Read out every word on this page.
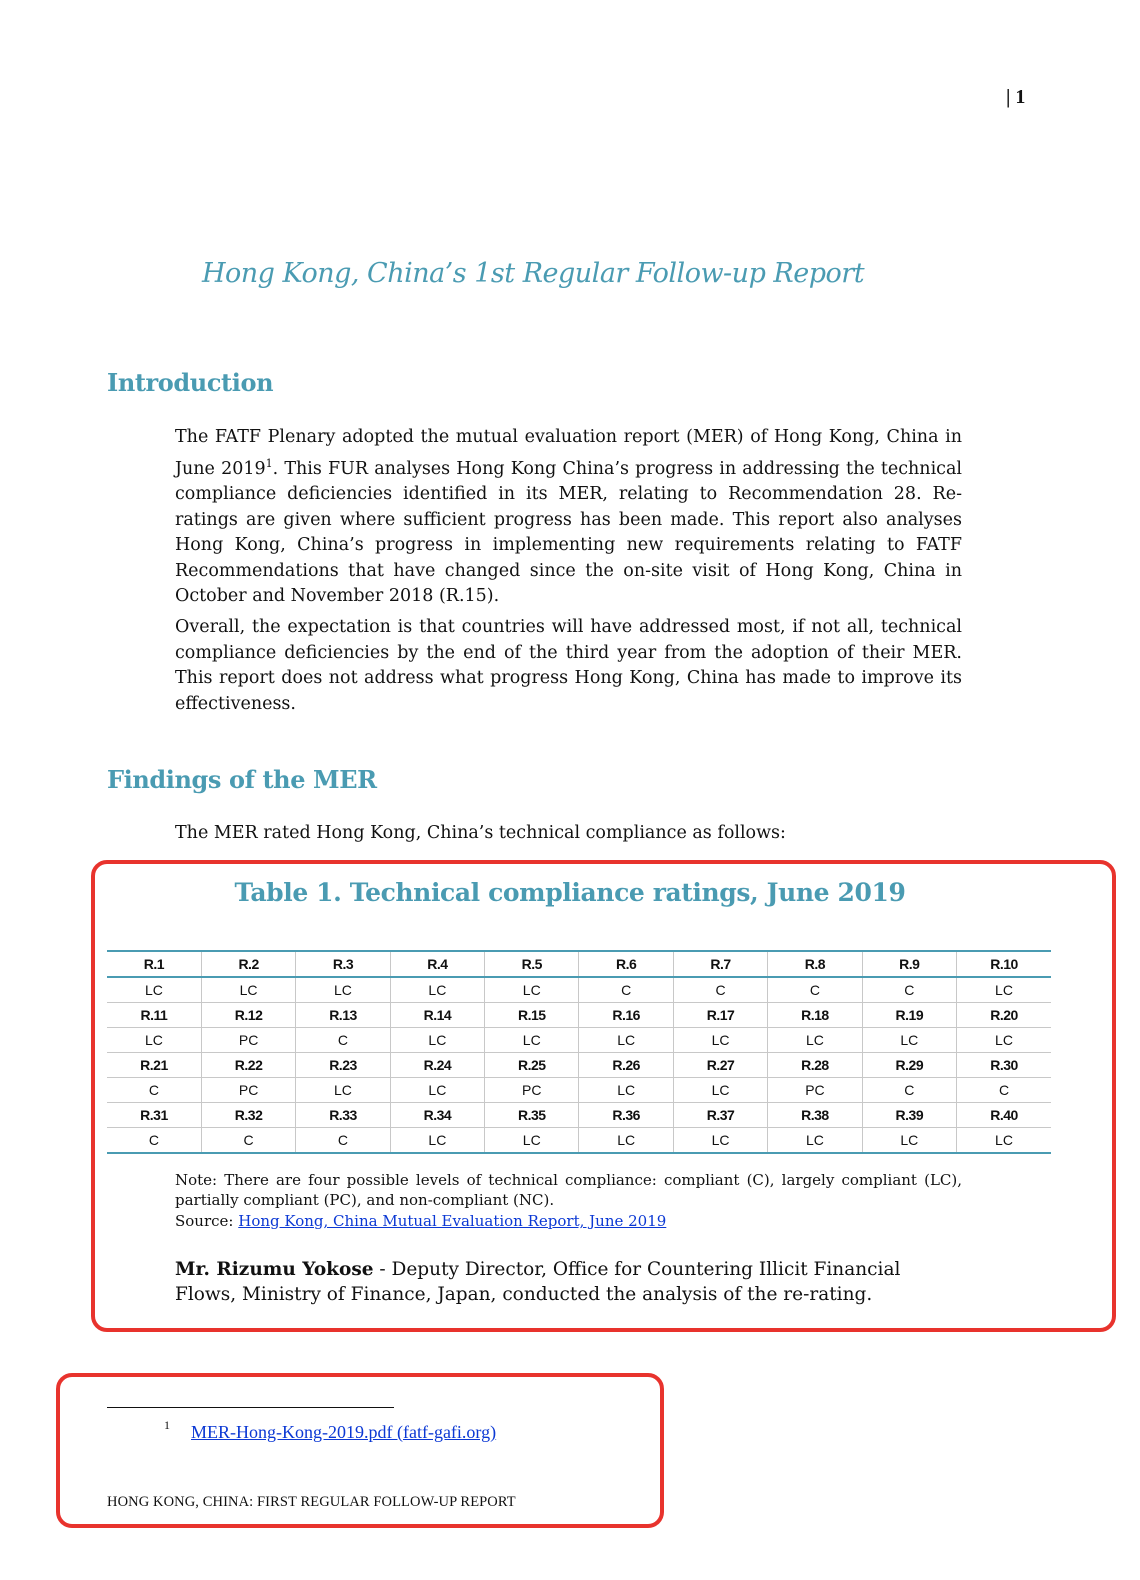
| 1
Hong Kong, China’s 1st Regular Follow-up Report
Introduction

The FATF Plenary adopted the mutual evaluation report (MER) of Hong Kong, China in June 2019$^1$. This FUR analyses Hong Kong China’s progress in addressing the technical compliance deficiencies identified in its MER, relating to Recommendation 28. Re-ratings are given where sufficient progress has been made. This report also analyses Hong Kong, China’s progress in implementing new requirements relating to FATF Recommendations that have changed since the on-site visit of Hong Kong, China in October and November 2018 (R.15).

Overall, the expectation is that countries will have addressed most, if not all, technical compliance deficiencies by the end of the third year from the adoption of their MER. This report does not address what progress Hong Kong, China has made to improve its effectiveness.

Findings of the MER

The MER rated Hong Kong, China’s technical compliance as follows:

Table 1. Technical compliance ratings, June 2019
R.1	R.2	R.3	R.4	R.5	R.6	R.7	R.8	R.9	R.10
LC	LC	LC	LC	LC	C	C	C	C	LC
R.11	R.12	R.13	R.14	R.15	R.16	R.17	R.18	R.19	R.20
LC	PC	C	LC	LC	LC	LC	LC	LC	LC
R.21	R.22	R.23	R.24	R.25	R.26	R.27	R.28	R.29	R.30
C	PC	LC	LC	PC	LC	LC	PC	C	C
R.31	R.32	R.33	R.34	R.35	R.36	R.37	R.38	R.39	R.40
C	C	C	LC	LC	LC	LC	LC	LC	LC
Note: There are four possible levels of technical compliance: compliant (C), largely compliant (LC), partially compliant (PC), and non-compliant (NC).
Source: Hong Kong, China Mutual Evaluation Report, June 2019
Mr. Rizumu Yokose - Deputy Director, Office for Countering Illicit Financial Flows, Ministry of Finance, Japan, conducted the analysis of the re-rating.
1 MER-Hong-Kong-2019.pdf (fatf-gafi.org)
HONG KONG, CHINA: FIRST REGULAR FOLLOW-UP REPORT
